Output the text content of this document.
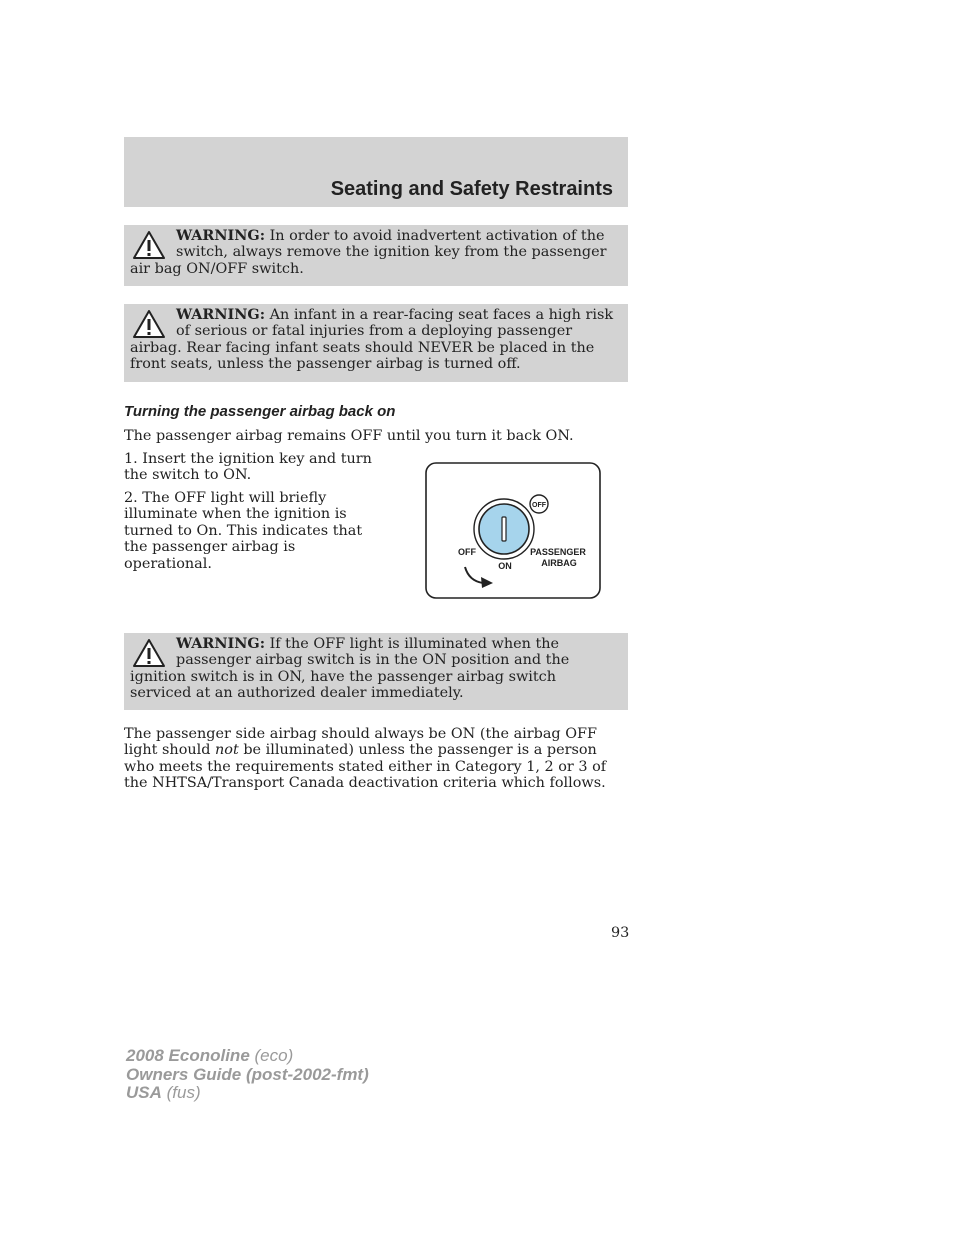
Seating and Safety Restraints
WARNING: In order to avoid inadvertent activation of the switch, always remove the ignition key from the passenger air bag ON/OFF switch.
WARNING: An infant in a rear-facing seat faces a high risk of serious or fatal injuries from a deploying passenger airbag. Rear facing infant seats should NEVER be placed in the front seats, unless the passenger airbag is turned off.
Turning the passenger airbag back on
The passenger airbag remains OFF until you turn it back ON.
1. Insert the ignition key and turn the switch to ON.
2. The OFF light will briefly illuminate when the ignition is turned to On. This indicates that the passenger airbag is operational.
OFF
OFF
ON
PASSENGER
AIRBAG
WARNING: If the OFF light is illuminated when the passenger airbag switch is in the ON position and the ignition switch is in ON, have the passenger airbag switch serviced at an authorized dealer immediately.
The passenger side airbag should always be ON (the airbag OFF light should not be illuminated) unless the passenger is a person who meets the requirements stated either in Category 1, 2 or 3 of the NHTSA/Transport Canada deactivation criteria which follows.
93
2008 Econoline (eco)
Owners Guide (post-2002-fmt)
USA (fus)
